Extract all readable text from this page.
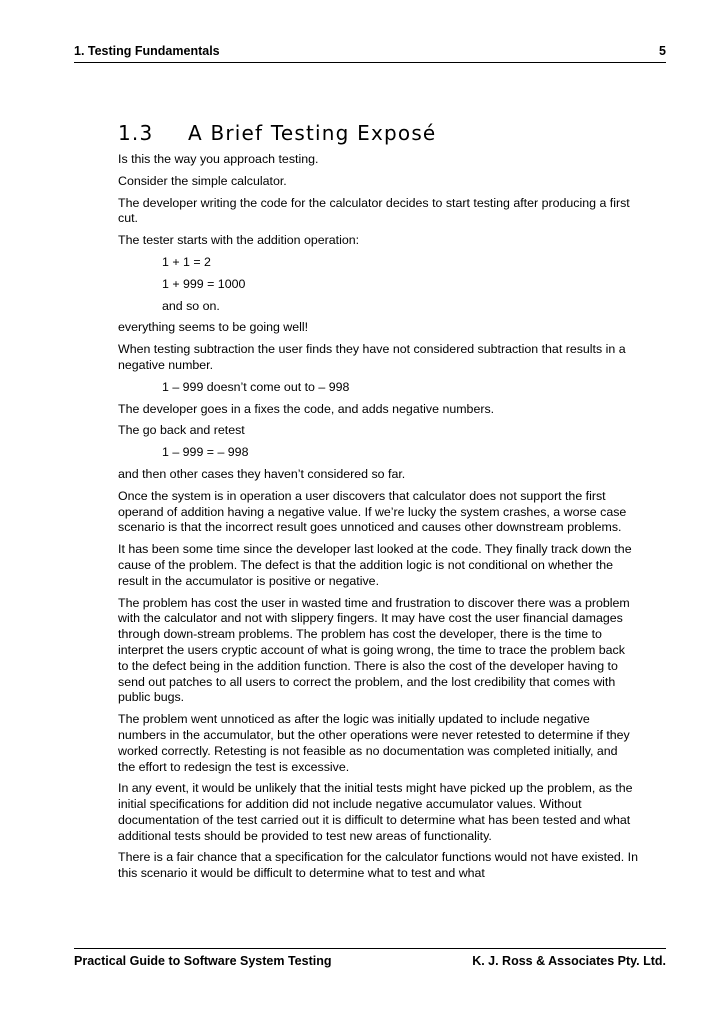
1. Testing Fundamentals	5
1.3 A Brief Testing Exposé

Is this the way you approach testing.

Consider the simple calculator.

The developer writing the code for the calculator decides to start testing after producing a first cut.

The tester starts with the addition operation:

1 + 1 = 2

1 + 999 = 1000

and so on.

everything seems to be going well!

When testing subtraction the user finds they have not considered subtraction that results in a negative number.

1 – 999 doesn’t come out to – 998

The developer goes in a fixes the code, and adds negative numbers.

The go back and retest

1 – 999 = – 998

and then other cases they haven’t considered so far.

Once the system is in operation a user discovers that calculator does not support the first operand of addition having a negative value. If we’re lucky the system crashes, a worse case scenario is that the incorrect result goes unnoticed and causes other downstream problems.

It has been some time since the developer last looked at the code. They finally track down the cause of the problem. The defect is that the addition logic is not conditional on whether the result in the accumulator is positive or negative.

The problem has cost the user in wasted time and frustration to discover there was a problem with the calculator and not with slippery fingers. It may have cost the user financial damages through down-stream problems. The problem has cost the developer, there is the time to interpret the users cryptic account of what is going wrong, the time to trace the problem back to the defect being in the addition function. There is also the cost of the developer having to send out patches to all users to correct the problem, and the lost credibility that comes with public bugs.

The problem went unnoticed as after the logic was initially updated to include negative numbers in the accumulator, but the other operations were never retested to determine if they worked correctly. Retesting is not feasible as no documentation was completed initially, and the effort to redesign the test is excessive.

In any event, it would be unlikely that the initial tests might have picked up the problem, as the initial specifications for addition did not include negative accumulator values. Without documentation of the test carried out it is difficult to determine what has been tested and what additional tests should be provided to test new areas of functionality.

There is a fair chance that a specification for the calculator functions would not have existed. In this scenario it would be difficult to determine what to test and what

Practical Guide to Software System Testing	K. J. Ross & Associates Pty. Ltd.
